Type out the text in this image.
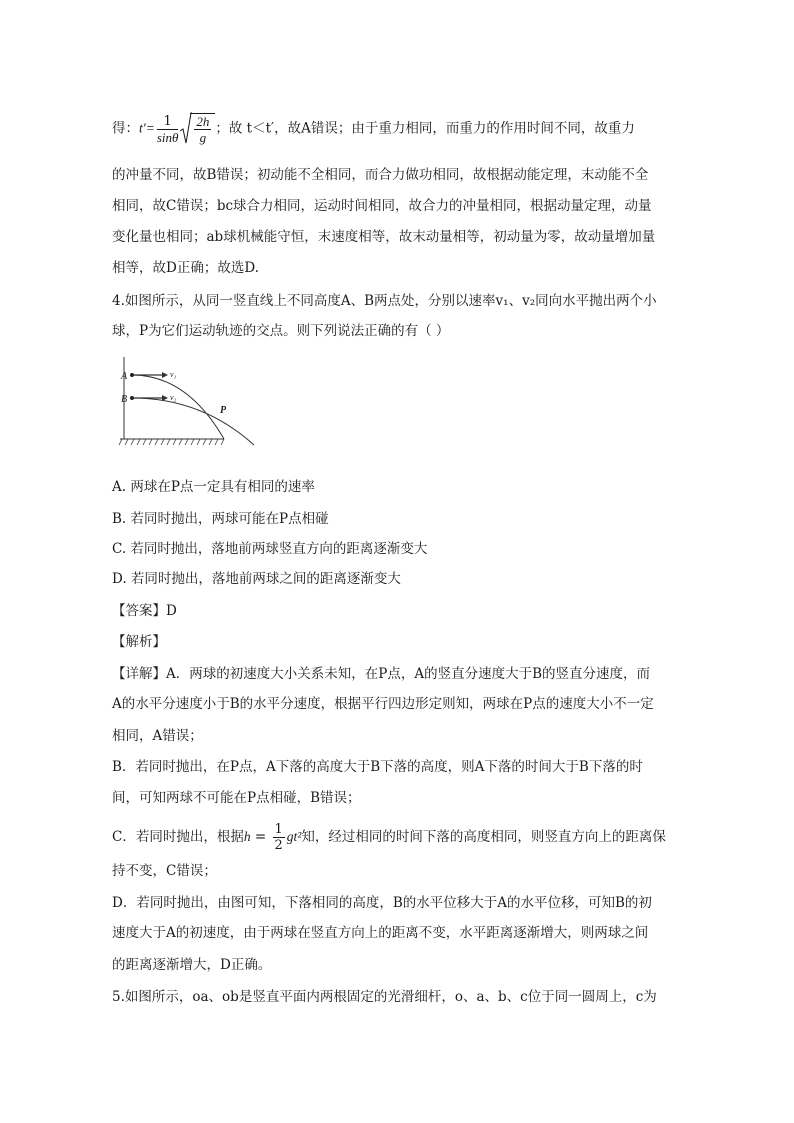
得：$t'= \frac{1}{\sin\theta} \frac{2h}{g}$ ；故 t＜t′，故A错误；由于重力相同，而重力的作用时间不同，故重力
的冲量不同，故B错误；初动能不全相同，而合力做功相同，故根据动能定理，末动能不全
相同，故C错误；bc球合力相同，运动时间相同，故合力的冲量相同，根据动量定理，动量
变化量也相同；ab球机械能守恒，末速度相等，故末动量相等，初动量为零，故动量增加量
相等，故D正确；故选D.
4.如图所示，从同一竖直线上不同高度A、B两点处，分别以速率v₁、v₂同向水平抛出两个小
球，P为它们运动轨迹的交点。则下列说法正确的有（ ）
A
B
v₁
v₂
P
A. 两球在P点一定具有相同的速率
B. 若同时抛出，两球可能在P点相碰
C. 若同时抛出，落地前两球竖直方向的距离逐渐变大
D. 若同时抛出，落地前两球之间的距离逐渐变大
【答案】D
【解析】
【详解】A．两球的初速度大小关系未知，在P点，A的竖直分速度大于B的竖直分速度，而
A的水平分速度小于B的水平分速度，根据平行四边形定则知，两球在P点的速度大小不一定
相同，A错误；
B．若同时抛出，在P点，A下落的高度大于B下落的高度，则A下落的时间大于B下落的时
间，可知两球不可能在P点相碰，B错误；
C．若同时抛出，根据$h = \frac{1}{2} gt^2$知，经过相同的时间下落的高度相同，则竖直方向上的距离保
持不变，C错误；
D．若同时抛出，由图可知，下落相同的高度，B的水平位移大于A的水平位移，可知B的初
速度大于A的初速度，由于两球在竖直方向上的距离不变，水平距离逐渐增大，则两球之间
的距离逐渐增大，D正确。
5.如图所示，oa、ob是竖直平面内两根固定的光滑细杆，o、a、b、c位于同一圆周上，c为
